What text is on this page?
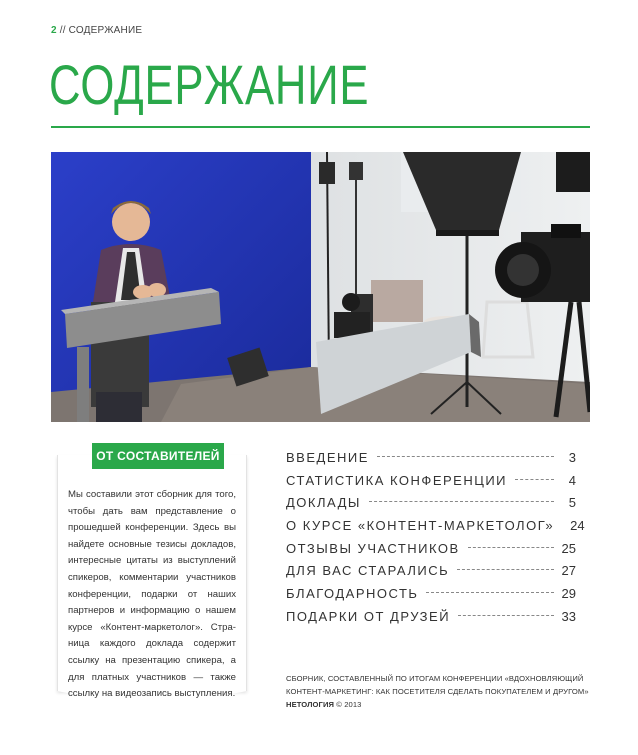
2 // СОДЕРЖАНИЕ
СОДЕРЖАНИЕ
ОТ СОСТАВИТЕЛЕЙ

Мы составили этот сборник для того, чтобы дать вам представление о прошедшей конференции. Здесь вы найдете основные тезисы докладов, интересные цитаты из выступлений спикеров, комментарии участников конференции, подарки от наших партнеров и информацию о нашем курсе «Контент-маркетолог». Стра-ница каждого доклада содержит ссылку на презентацию спикера, а для платных участников — также ссылку на видеозапись выступления.

ВВЕДЕНИЕ	3
СТАТИСТИКА КОНФЕРЕНЦИИ	4
ДОКЛАДЫ	5
О КУРСЕ «КОНТЕНТ-МАРКЕТОЛОГ» 24
ОТЗЫВЫ УЧАСТНИКОВ	25
ДЛЯ ВАС СТАРАЛИСЬ	27
БЛАГОДАРНОСТЬ	29
ПОДАРКИ ОТ ДРУЗЕЙ	33

СБОРНИК, СОСТАВЛЕННЫЙ ПО ИТОГАМ КОНФЕРЕНЦИИ «ВДОХНОВЛЯЮЩИЙ КОНТЕНТ-МАРКЕТИНГ: КАК ПОСЕТИТЕЛЯ СДЕЛАТЬ ПОКУПАТЕЛЕМ И ДРУГОМ» НЕТОЛОГИЯ © 2013
